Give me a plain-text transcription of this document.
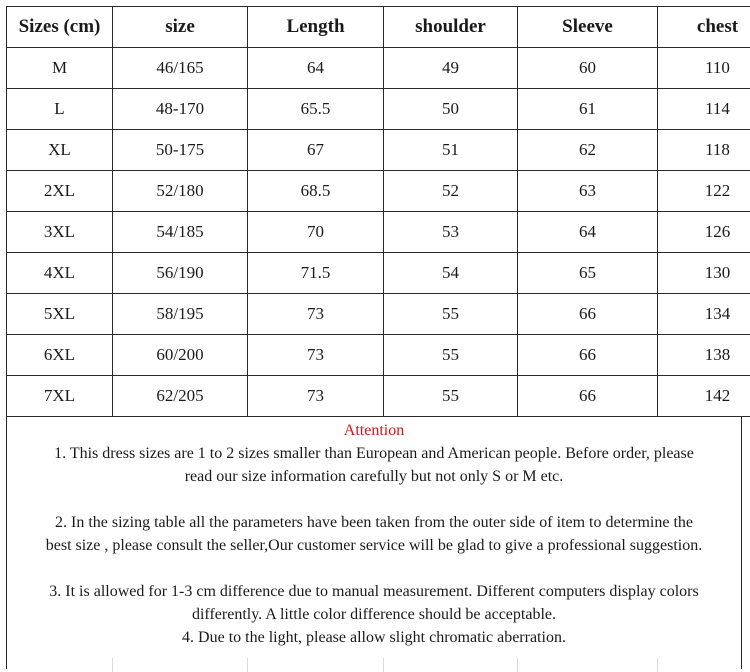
Sizes (cm)	size	Length	shoulder	Sleeve	chest
M	46/165	64	49	60	110
L	48-170	65.5	50	61	114
XL	50-175	67	51	62	118
2XL	52/180	68.5	52	63	122
3XL	54/185	70	53	64	126
4XL	56/190	71.5	54	65	130
5XL	58/195	73	55	66	134
6XL	60/200	73	55	66	138
7XL	62/205	73	55	66	142
Attention
1. This dress sizes are 1 to 2 sizes smaller than European and American people. Before order, please
read our size information carefully but not only S or M etc.
2. In the sizing table all the parameters have been taken from the outer side of item to determine the
best size , please consult the seller,Our customer service will be glad to give a professional suggestion.
3. It is allowed for 1-3 cm difference due to manual measurement. Different computers display colors
differently. A little color difference should be acceptable.
4. Due to the light, please allow slight chromatic aberration.
